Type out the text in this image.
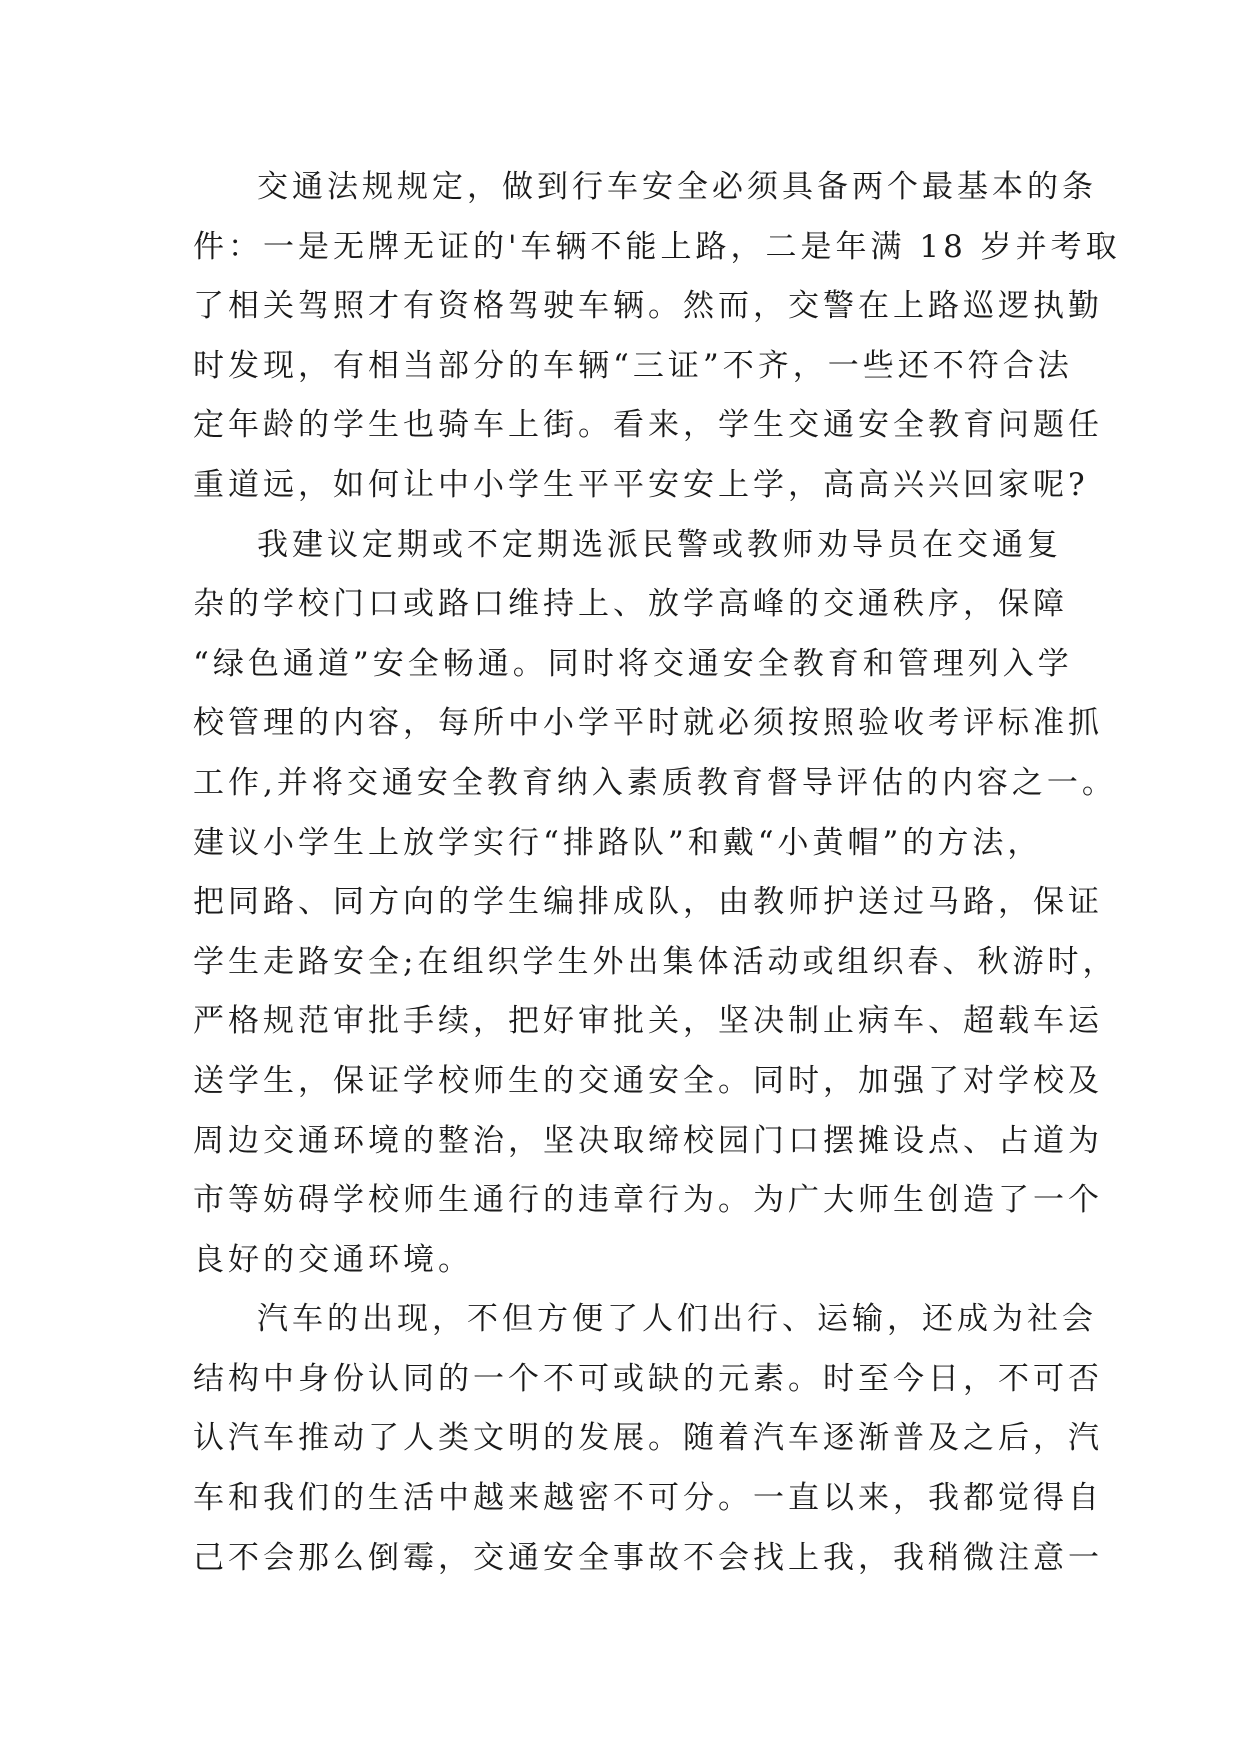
交通法规规定，做到行车安全必须具备两个最基本的条
件：一是无牌无证的'车辆不能上路，二是年满 18 岁并考取
了相关驾照才有资格驾驶车辆。然而，交警在上路巡逻执勤
时发现，有相当部分的车辆“三证”不齐，一些还不符合法
定年龄的学生也骑车上街。看来，学生交通安全教育问题任
重道远，如何让中小学生平平安安上学，高高兴兴回家呢?
我建议定期或不定期选派民警或教师劝导员在交通复
杂的学校门口或路口维持上、放学高峰的交通秩序，保障
“绿色通道”安全畅通。同时将交通安全教育和管理列入学
校管理的内容，每所中小学平时就必须按照验收考评标准抓
工作,并将交通安全教育纳入素质教育督导评估的内容之一。
建议小学生上放学实行“排路队”和戴“小黄帽”的方法，
把同路、同方向的学生编排成队，由教师护送过马路，保证
学生走路安全;在组织学生外出集体活动或组织春、秋游时，
严格规范审批手续，把好审批关，坚决制止病车、超载车运
送学生，保证学校师生的交通安全。同时，加强了对学校及
周边交通环境的整治，坚决取缔校园门口摆摊设点、占道为
市等妨碍学校师生通行的违章行为。为广大师生创造了一个
良好的交通环境。
汽车的出现，不但方便了人们出行、运输，还成为社会
结构中身份认同的一个不可或缺的元素。时至今日，不可否
认汽车推动了人类文明的发展。随着汽车逐渐普及之后，汽
车和我们的生活中越来越密不可分。一直以来，我都觉得自
己不会那么倒霉，交通安全事故不会找上我，我稍微注意一
